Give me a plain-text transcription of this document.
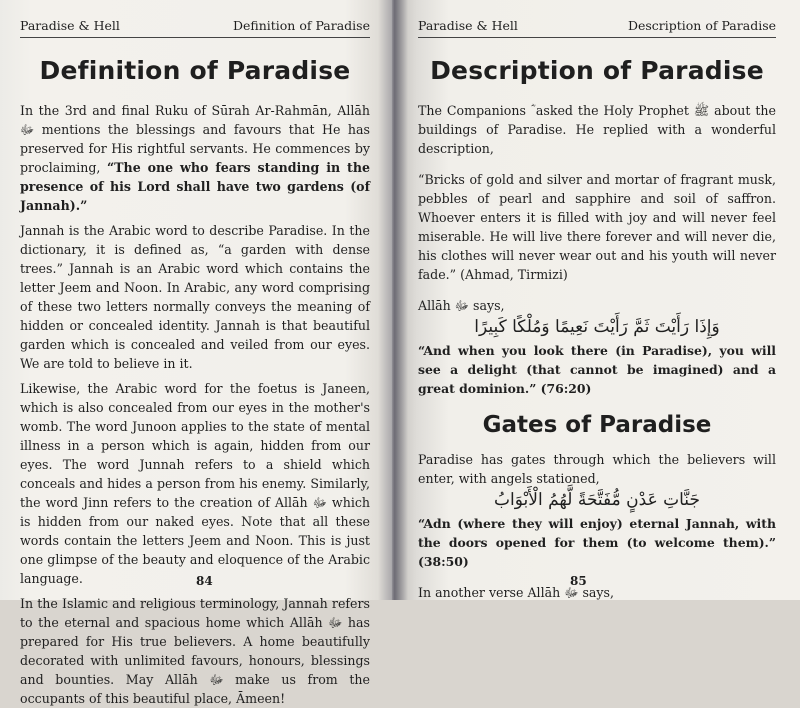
Paradise & Hell	Definition of Paradise
Definition of Paradise

In the 3rd and final Ruku of Sūrah Ar-Rahmān, Allāh ﷻ mentions the blessings and favours that He has preserved for His rightful servants. He commences by proclaiming, “The one who fears standing in the presence of his Lord shall have two gardens (of Jannah).”

Jannah is the Arabic word to describe Paradise. In the dictionary, it is defined as, “a garden with dense trees.” Jannah is an Arabic word which contains the letter Jeem and Noon. In Arabic, any word comprising of these two letters normally conveys the meaning of hidden or concealed identity. Jannah is that beautiful garden which is concealed and veiled from our eyes. We are told to believe in it.

Likewise, the Arabic word for the foetus is Janeen, which is also concealed from our eyes in the mother's womb. The word Junoon applies to the state of mental illness in a person which is again, hidden from our eyes. The word Junnah refers to a shield which conceals and hides a person from his enemy. Similarly, the word Jinn refers to the creation of Allāh ﷻ which is hidden from our naked eyes. Note that all these words contain the letters Jeem and Noon. This is just one glimpse of the beauty and eloquence of the Arabic language.

In the Islamic and religious terminology, Jannah refers to the eternal and spacious home which Allāh ﷻ has prepared for His true believers. A home beautifully decorated with unlimited favours, honours, blessings and bounties. May Allāh ﷻ make us from the occupants of this beautiful place, Āmeen!

84
Paradise & Hell	Description of Paradise
Description of Paradise

The Companions ؓ asked the Holy Prophet ﷺ about the buildings of Paradise. He replied with a wonderful description,

“Bricks of gold and silver and mortar of fragrant musk, pebbles of pearl and sapphire and soil of saffron. Whoever enters it is filled with joy and will never feel miserable. He will live there forever and will never die, his clothes will never wear out and his youth will never fade.” (Ahmad, Tirmizi)

Allāh ﷻ says,

وَإِذَا رَأَيْتَ ثَمَّ رَأَيْتَ نَعِيمًا وَمُلْكًا كَبِيرًا

“And when you look there (in Paradise), you will see a delight (that cannot be imagined) and a great dominion.” (76:20)

Gates of Paradise

Paradise has gates through which the believers will enter, with angels stationed,

جَنَّاتِ عَدْنٍ مُّفَتَّحَةً لَّهُمُ الْأَبْوَابُ

“Adn (where they will enjoy) eternal Jannah, with the doors opened for them (to welcome them).” (38:50)

In another verse Allāh ﷻ says,

85
